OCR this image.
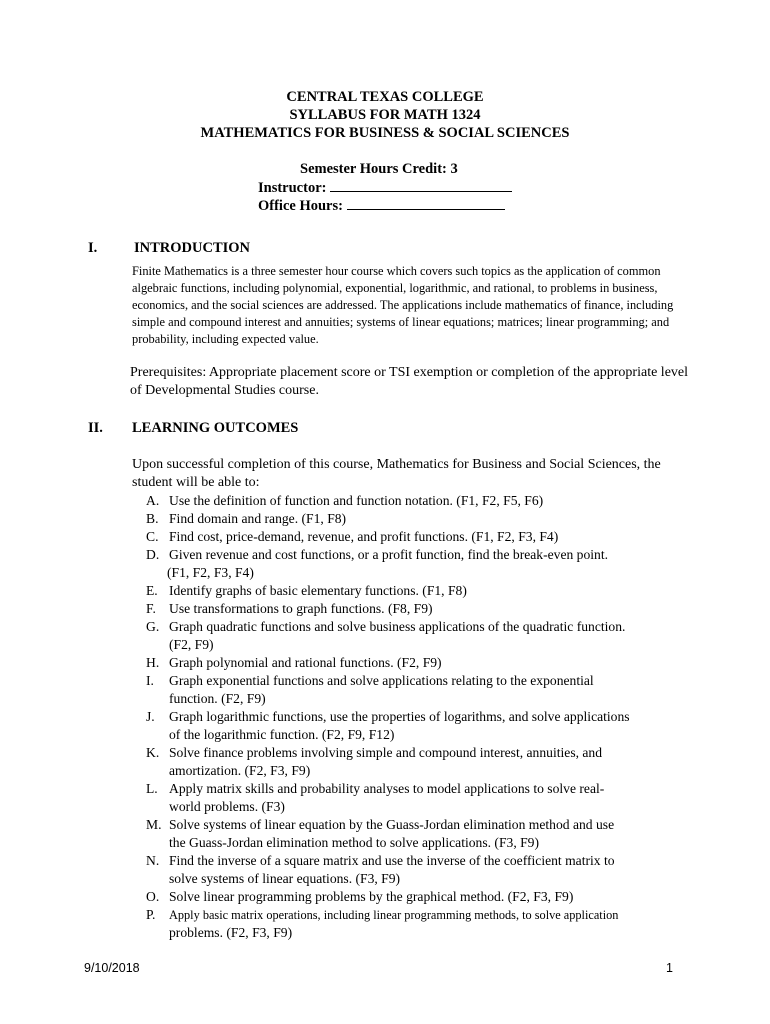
CENTRAL TEXAS COLLEGE
SYLLABUS FOR MATH 1324
MATHEMATICS FOR BUSINESS & SOCIAL SCIENCES
Semester Hours Credit: 3
Instructor:
Office Hours:
I.	INTRODUCTION
Finite Mathematics is a three semester hour course which covers such topics as the application of common algebraic functions, including polynomial, exponential, logarithmic, and rational, to problems in business, economics, and the social sciences are addressed. The applications include mathematics of finance, including simple and compound interest and annuities; systems of linear equations; matrices; linear programming; and probability, including expected value.
Prerequisites: Appropriate placement score or TSI exemption or completion of the appropriate level of Developmental Studies course.
II. LEARNING OUTCOMES
Upon successful completion of this course, Mathematics for Business and Social Sciences, the student will be able to:
A. Use the definition of function and function notation. (F1, F2, F5, F6)
B. Find domain and range. (F1, F8)
C. Find cost, price-demand, revenue, and profit functions. (F1, F2, F3, F4)
D. Given revenue and cost functions, or a profit function, find the break-even point.
(F1, F2, F3, F4)
E. Identify graphs of basic elementary functions. (F1, F8)
F. Use transformations to graph functions. (F8, F9)
G. Graph quadratic functions and solve business applications of the quadratic function.
(F2, F9)
H. Graph polynomial and rational functions. (F2, F9)
I.	Graph exponential functions and solve applications relating to the exponential
function. (F2, F9)
J.	Graph logarithmic functions, use the properties of logarithms, and solve applications
of the logarithmic function. (F2, F9, F12)
K. Solve finance problems involving simple and compound interest, annuities, and
amortization. (F2, F3, F9)
L. Apply matrix skills and probability analyses to model applications to solve real-
world problems. (F3)
M. Solve systems of linear equation by the Guass-Jordan elimination method and use
the Guass-Jordan elimination method to solve applications. (F3, F9)
N. Find the inverse of a square matrix and use the inverse of the coefficient matrix to
solve systems of linear equations. (F3, F9)
O. Solve linear programming problems by the graphical method. (F2, F3, F9)
P.	Apply basic matrix operations, including linear programming methods, to solve application
problems. (F2, F3, F9)
9/10/2018	1
